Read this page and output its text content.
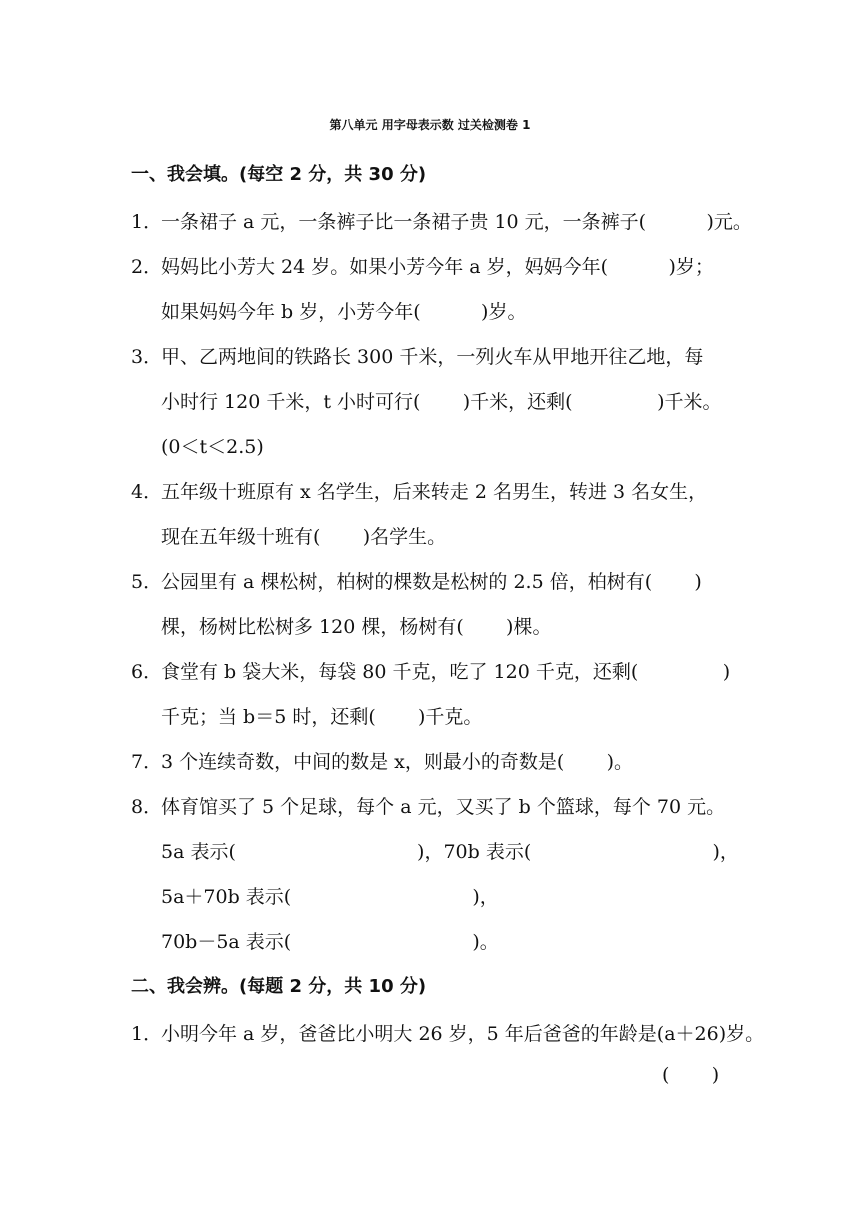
第八单元 用字母表示数 过关检测卷 1
一、我会填。(每空 2 分，共 30 分)
1．
一条裙子 a 元，一条裤子比一条裙子贵 10 元，一条裤子(          )元。
2．
妈妈比小芳大 24 岁。如果小芳今年 a 岁，妈妈今年(          )岁；
如果妈妈今年 b 岁，小芳今年(          )岁。
3．
甲、乙两地间的铁路长 300 千米，一列火车从甲地开往乙地，每
小时行 120 千米，t 小时可行(       )千米，还剩(              )千米。
(0＜t＜2.5)
4．
五年级十班原有 x 名学生，后来转走 2 名男生，转进 3 名女生，
现在五年级十班有(       )名学生。
5．
公园里有 a 棵松树，柏树的棵数是松树的 2.5 倍，柏树有(       )
棵，杨树比松树多 120 棵，杨树有(       )棵。
6．
食堂有 b 袋大米，每袋 80 千克，吃了 120 千克，还剩(              )
千克；当 b＝5 时，还剩(       )千克。
7．
3 个连续奇数，中间的数是 x，则最小的奇数是(       )。
8．
体育馆买了 5 个足球，每个 a 元，又买了 b 个篮球，每个 70 元。
5a 表示(                              )，70b 表示(                              )，
5a＋70b 表示(                              )，
70b－5a 表示(                              )。
二、我会辨。(每题 2 分，共 10 分)
1．
小明今年 a 岁，爸爸比小明大 26 岁，5 年后爸爸的年龄是(a＋26)岁。
(       )
